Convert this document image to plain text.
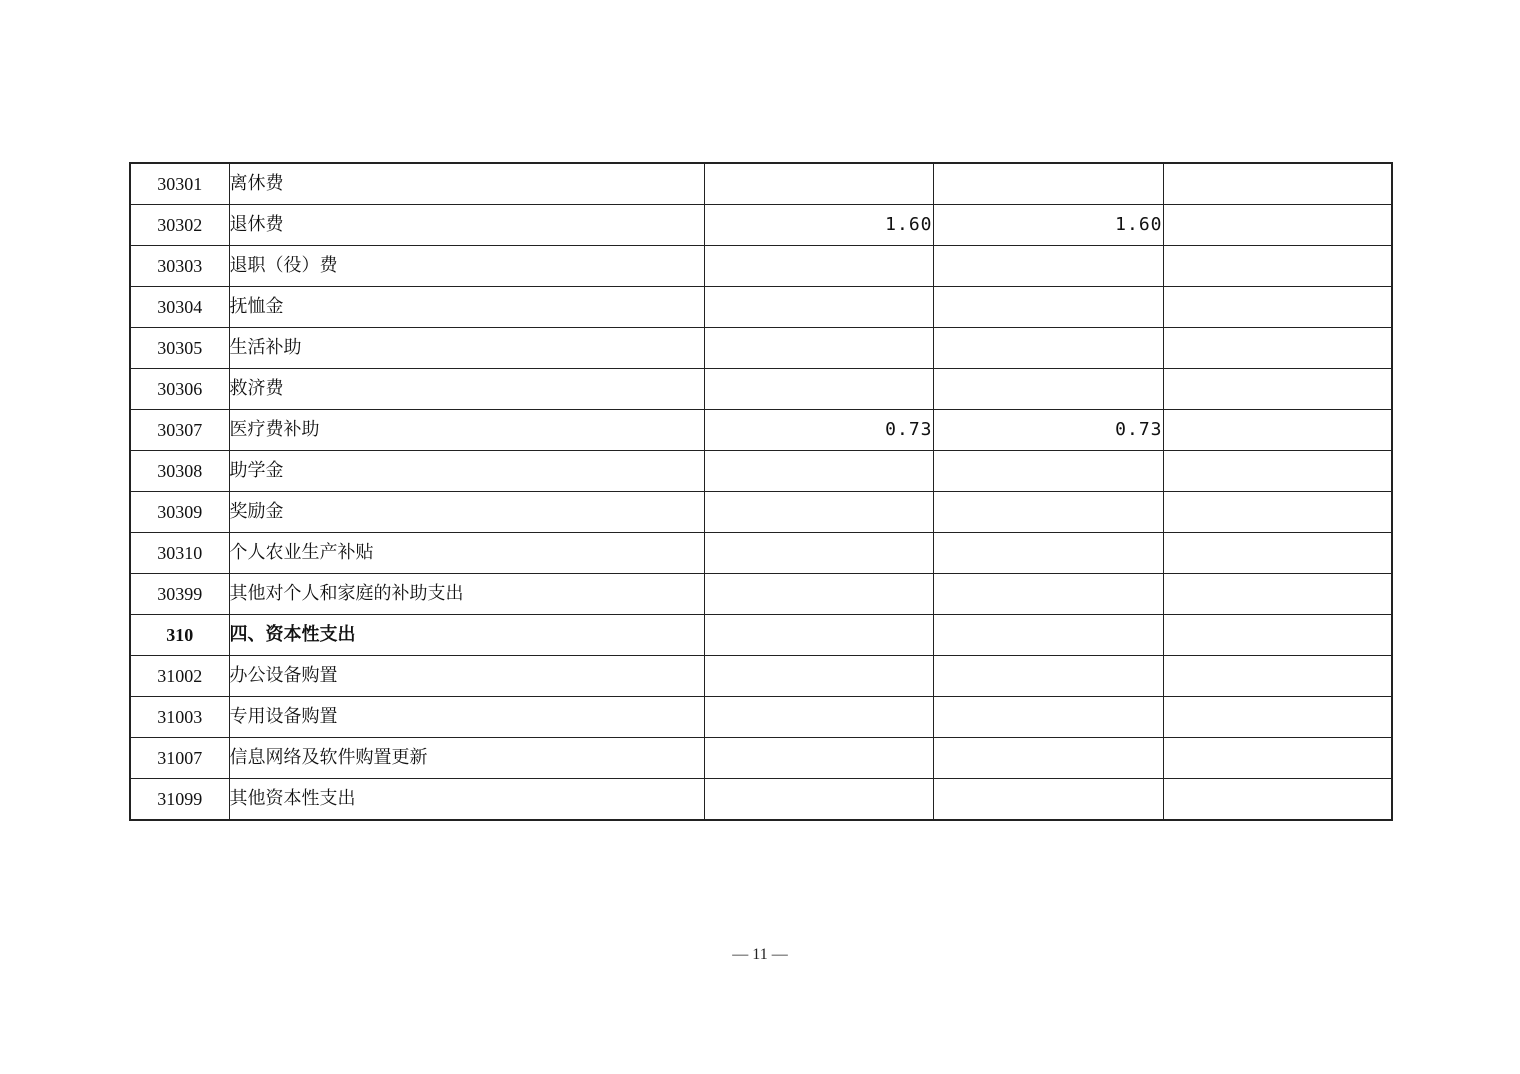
30301	离休费			
30302	退休费	1.60	1.60	
30303	退职（役）费			
30304	抚恤金			
30305	生活补助			
30306	救济费			
30307	医疗费补助	0.73	0.73	
30308	助学金			
30309	奖励金			
30310	个人农业生产补贴			
30399	其他对个人和家庭的补助支出			
310	四、资本性支出			
31002	办公设备购置			
31003	专用设备购置			
31007	信息网络及软件购置更新			
31099	其他资本性支出			
— 11 —
